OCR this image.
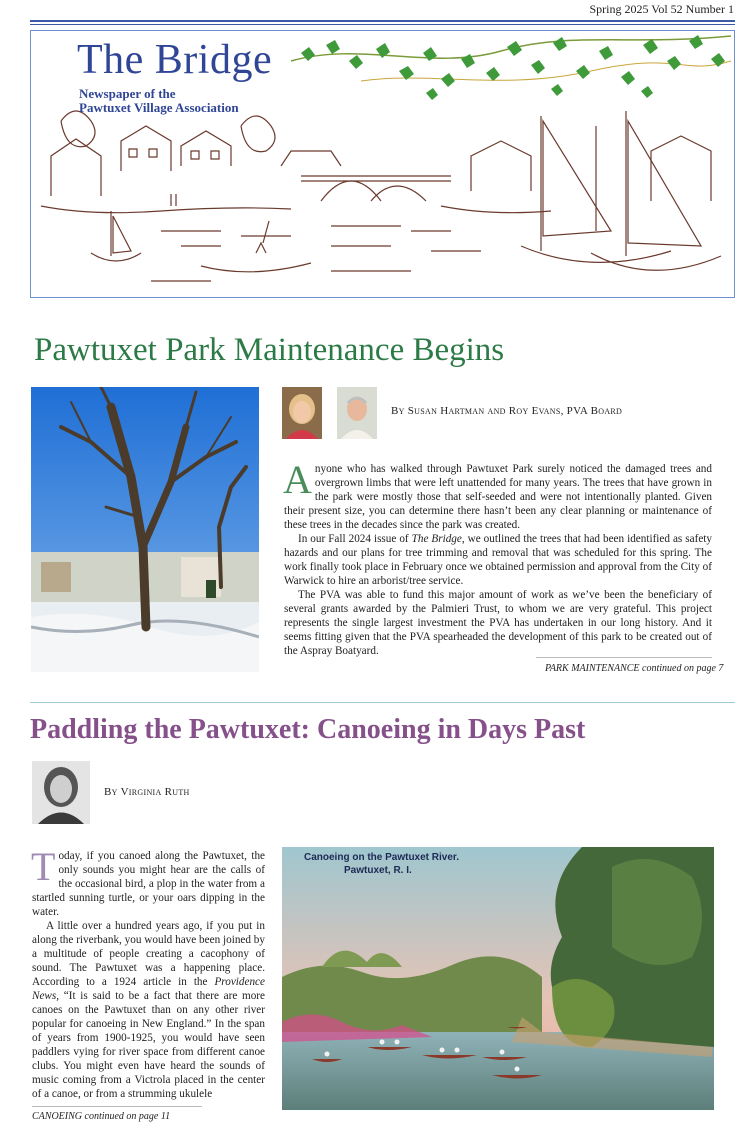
Spring 2025 Vol 52 Number 1
The Bridge
Newspaper of the
Pawtuxet Village Association
Pawtuxet Park Maintenance Begins
By Susan Hartman and Roy Evans, PVA Board

Anyone who has walked through Pawtuxet Park surely noticed the damaged trees and overgrown limbs that were left unattended for many years. The trees that have grown in the park were mostly those that self-seeded and were not intentionally planted. Given their present size, you can determine there hasn’t been any clear planning or maintenance of these trees in the decades since the park was created.

In our Fall 2024 issue of The Bridge, we outlined the trees that had been identified as safety hazards and our plans for tree trimming and removal that was scheduled for this spring. The work finally took place in February once we obtained permission and approval from the City of Warwick to hire an arborist/tree service.

The PVA was able to fund this major amount of work as we’ve been the beneficiary of several grants awarded by the Palmieri Trust, to whom we are very grateful. This project represents the single largest investment the PVA has undertaken in our long history. And it seems fitting given that the PVA spearheaded the development of this park to be created out of the Aspray Boatyard.

PARK MAINTENANCE continued on page 7
Paddling the Pawtuxet: Canoeing in Days Past
By Virginia Ruth

Today, if you canoed along the Pawtuxet, the only sounds you might hear are the calls of the occasional bird, a plop in the water from a startled sunning turtle, or your oars dipping in the water.

A little over a hundred years ago, if you put in along the riverbank, you would have been joined by a multitude of people creating a cacophony of sound. The Pawtuxet was a happening place. According to a 1924 article in the Providence News, “It is said to be a fact that there are more canoes on the Pawtuxet than on any other river popular for canoeing in New England.” In the span of years from 1900-1925, you would have seen paddlers vying for river space from different canoe clubs. You might even have heard the sounds of music coming from a Victrola placed in the center of a canoe, or from a strumming ukulele

CANOEING continued on page 11
Canoeing on the Pawtuxet River.
Pawtuxet, R. I.
